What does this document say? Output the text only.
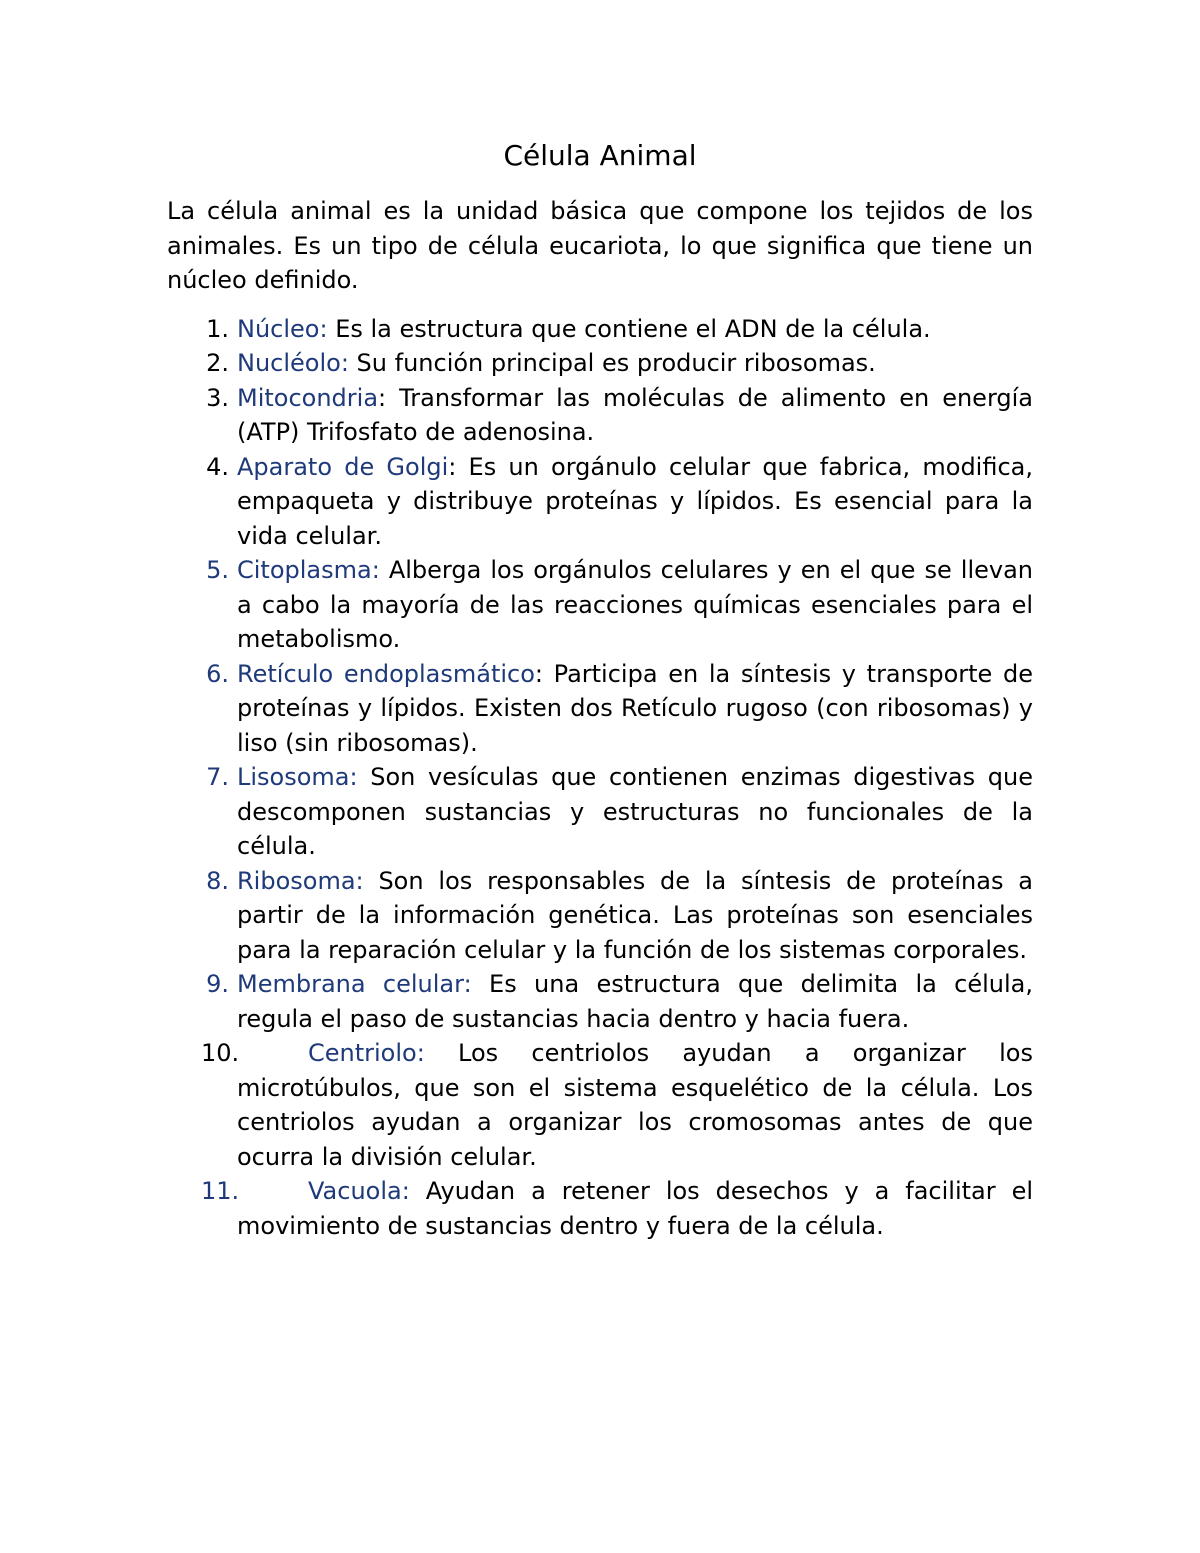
Célula Animal

La célula animal es la unidad básica que compone los tejidos de los animales. Es un tipo de célula eucariota, lo que significa que tiene un núcleo definido.

1. Núcleo: Es la estructura que contiene el ADN de la célula.
2. Nucléolo: Su función principal es producir ribosomas.
3. Mitocondria: Transformar las moléculas de alimento en energía (ATP) Trifosfato de adenosina.
4. Aparato de Golgi: Es un orgánulo celular que fabrica, modifica, empaqueta y distribuye proteínas y lípidos. Es esencial para la vida celular.
5. Citoplasma: Alberga los orgánulos celulares y en el que se llevan a cabo la mayoría de las reacciones químicas esenciales para el metabolismo.
6. Retículo endoplasmático: Participa en la síntesis y transporte de proteínas y lípidos. Existen dos Retículo rugoso (con ribosomas) y liso (sin ribosomas).
7. Lisosoma: Son vesículas que contienen enzimas digestivas que descomponen sustancias y estructuras no funcionales de la célula.
8. Ribosoma: Son los responsables de la síntesis de proteínas a partir de la información genética. Las proteínas son esenciales para la reparación celular y la función de los sistemas corporales.
9. Membrana celular: Es una estructura que delimita la célula, regula el paso de sustancias hacia dentro y hacia fuera.
10.	Centriolo: Los centriolos ayudan a organizar los microtúbulos, que son el sistema esquelético de la célula. Los centriolos ayudan a organizar los cromosomas antes de que ocurra la división celular.
11.	Vacuola: Ayudan a retener los desechos y a facilitar el movimiento de sustancias dentro y fuera de la célula.
